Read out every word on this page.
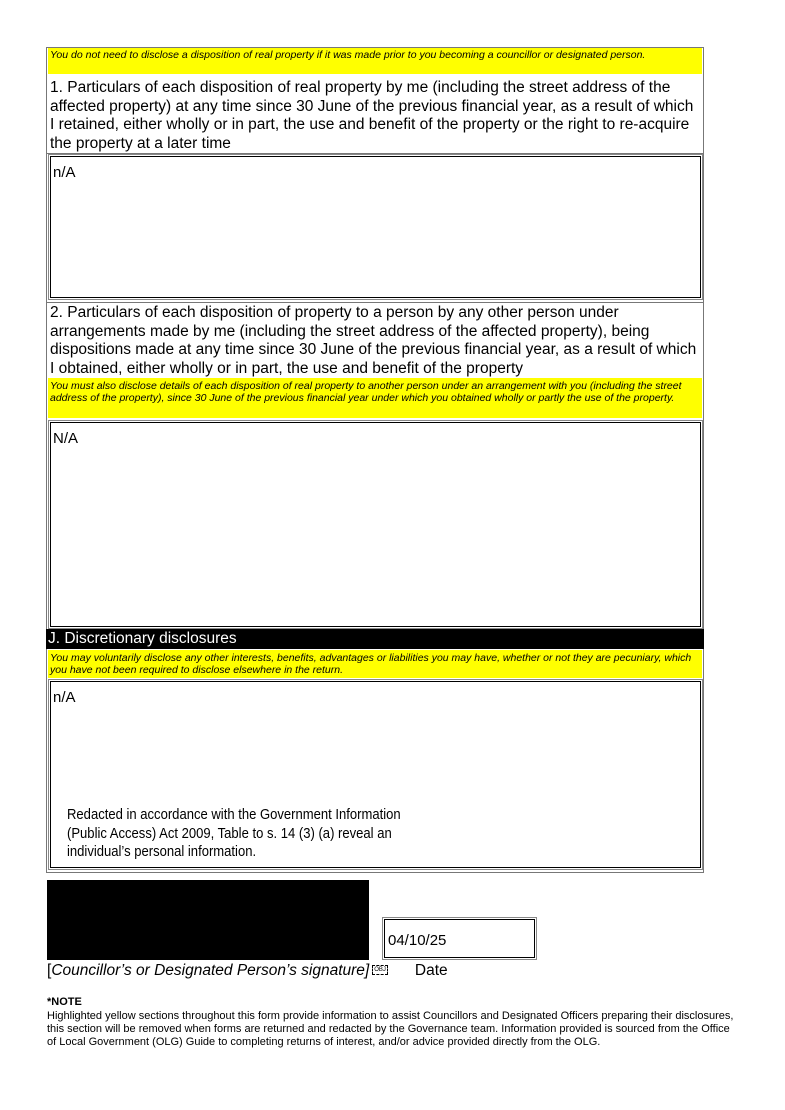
You do not need to disclose a disposition of real property if it was made prior to you becoming a councillor or designated person.
1. Particulars of each disposition of real property by me (including the street address of the affected property) at any time since 30 June of the previous financial year, as a result of which I retained, either wholly or in part, the use and benefit of the property or the right to re-acquire the property at a later time
n/A
2. Particulars of each disposition of property to a person by any other person under arrangements made by me (including the street address of the affected property), being dispositions made at any time since 30 June of the previous financial year, as a result of which I obtained, either wholly or in part, the use and benefit of the property
You must also disclose details of each disposition of real property to another person under an arrangement with you (including the street address of the property), since 30 June of the previous financial year under which you obtained wholly or partly the use of the property.
N/A
J. Discretionary disclosures
You may voluntarily disclose any other interests, benefits, advantages or liabilities you may have, whether or not they are pecuniary, which you have not been required to disclose elsewhere in the return.
n/A
Redacted in accordance with the Government Information
(Public Access) Act 2009, Table to s. 14 (3) (a) reveal an
individual’s personal information.
04/10/25
[Councillor’s or Designated Person’s signature] OBJ Date
*NOTE
Highlighted yellow sections throughout this form provide information to assist Councillors and Designated Officers preparing their disclosures, this section will be removed when forms are returned and redacted by the Governance team. Information provided is sourced from the Office of Local Government (OLG) Guide to completing returns of interest, and/or advice provided directly from the OLG.
